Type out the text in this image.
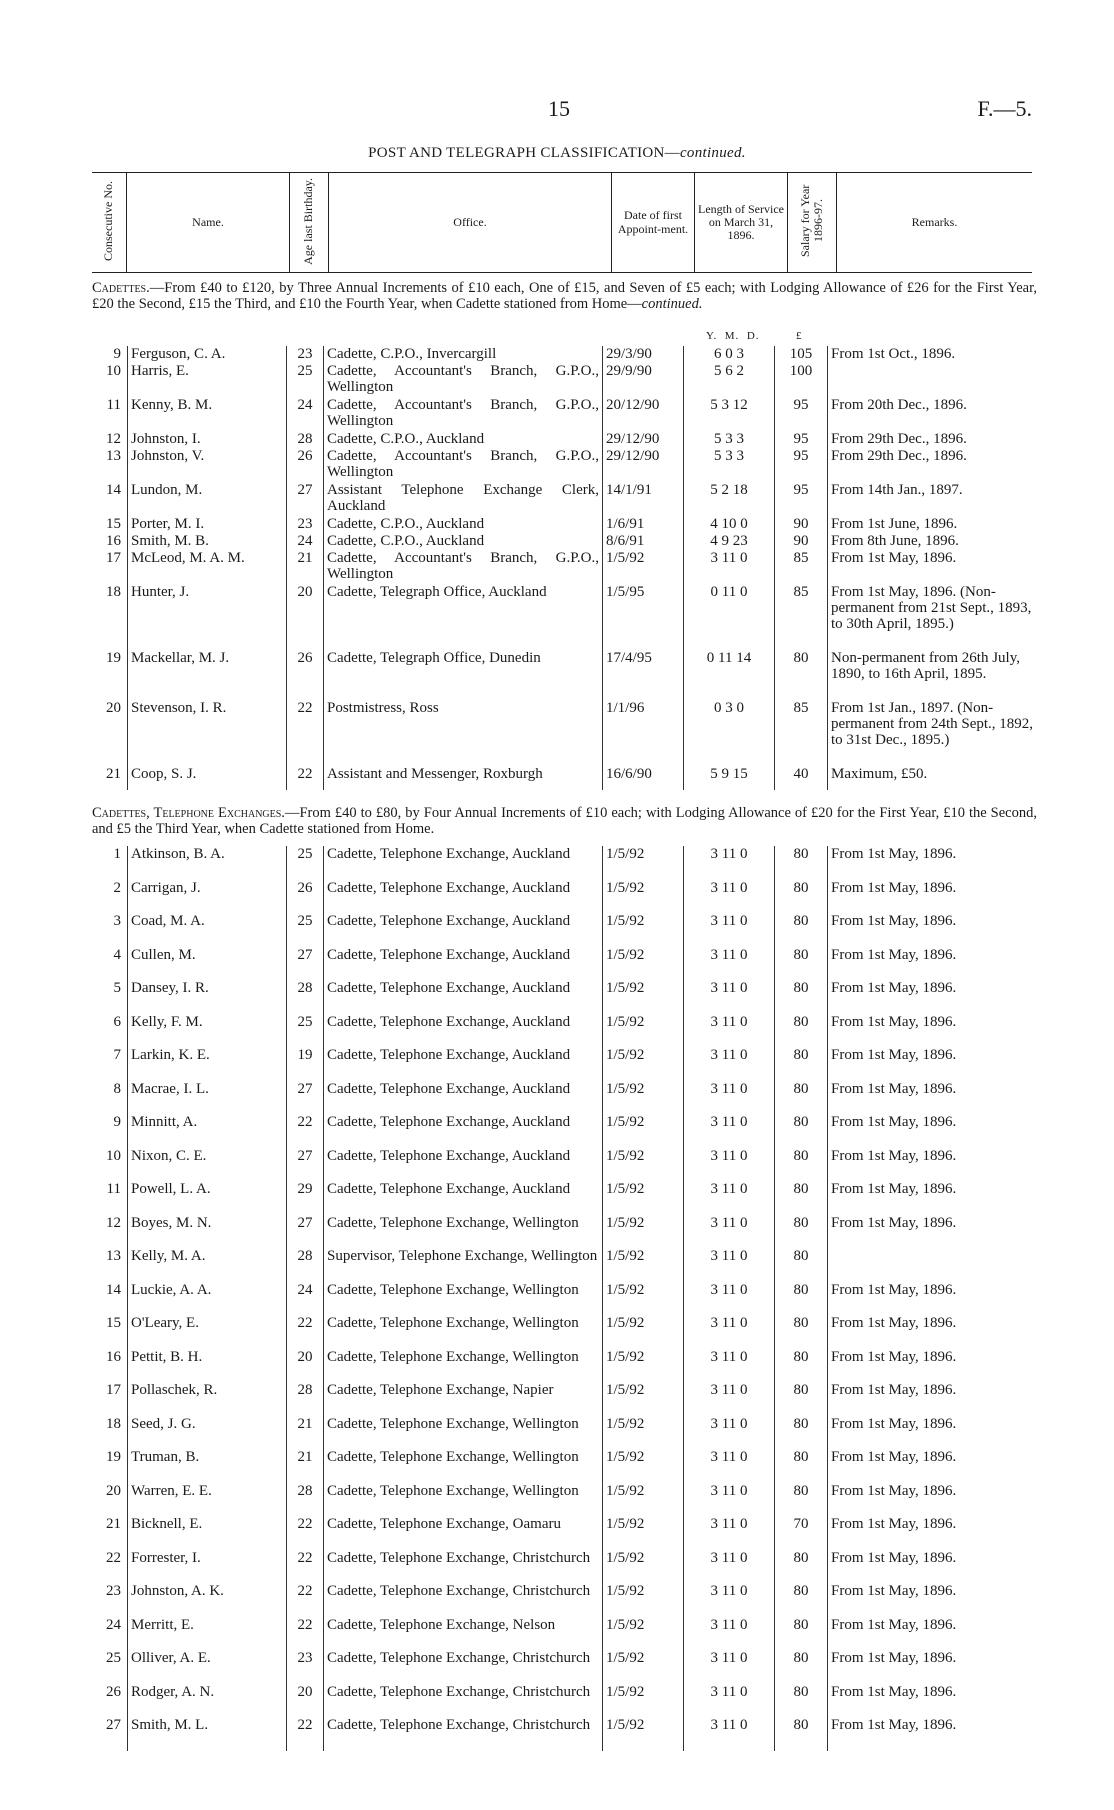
15	F.—5.
POST AND TELEGRAPH CLASSIFICATION—continued.
Consecutive No.	Name.	Age last Birthday.	Office.	Date of first Appoint-ment.	Length of Service on March 31, 1896.	Salary for Year 1896-97.	Remarks.
Cadettes.—From £40 to £120, by Three Annual Increments of £10 each, One of £15, and Seven of £5 each; with Lodging Allowance of £26 for the First Year, £20 the Second, £15 the Third, and £10 the Fourth Year, when Cadette stationed from Home—continued.
Y. M. D.	£
9	Ferguson, C. A.	23	Cadette, C.P.O., Invercargill	29/3/90	6 0 3	105	From 1st Oct., 1896.
10	Harris, E.	25	Cadette, Accountant's Branch, G.P.O., Wellington	29/9/90	5 6 2	100	
11	Kenny, B. M.	24	Cadette, Accountant's Branch, G.P.O., Wellington	20/12/90	5 3 12	95	From 20th Dec., 1896.
12	Johnston, I.	28	Cadette, C.P.O., Auckland	29/12/90	5 3 3	95	From 29th Dec., 1896.
13	Johnston, V.	26	Cadette, Accountant's Branch, G.P.O., Wellington	29/12/90	5 3 3	95	From 29th Dec., 1896.
14	Lundon, M.	27	Assistant Telephone Exchange Clerk, Auckland	14/1/91	5 2 18	95	From 14th Jan., 1897.
15	Porter, M. I.	23	Cadette, C.P.O., Auckland	1/6/91	4 10 0	90	From 1st June, 1896.
16	Smith, M. B.	24	Cadette, C.P.O., Auckland	8/6/91	4 9 23	90	From 8th June, 1896.
17	McLeod, M. A. M.	21	Cadette, Accountant's Branch, G.P.O., Wellington	1/5/92	3 11 0	85	From 1st May, 1896.
18	Hunter, J.	20	Cadette, Telegraph Office, Auckland	1/5/95	0 11 0	85	From 1st May, 1896. (Non-permanent from 21st Sept., 1893, to 30th April, 1895.)
19	Mackellar, M. J.	26	Cadette, Telegraph Office, Dunedin	17/4/95	0 11 14	80	Non-permanent from 26th July, 1890, to 16th April, 1895.
20	Stevenson, I. R.	22	Postmistress, Ross	1/1/96	0 3 0	85	From 1st Jan., 1897. (Non-permanent from 24th Sept., 1892, to 31st Dec., 1895.)
21	Coop, S. J.	22	Assistant and Messenger, Roxburgh	16/6/90	5 9 15	40	Maximum, £50.
Cadettes, Telephone Exchanges.—From £40 to £80, by Four Annual Increments of £10 each; with Lodging Allowance of £20 for the First Year, £10 the Second, and £5 the Third Year, when Cadette stationed from Home.
1	Atkinson, B. A.	25	Cadette, Telephone Exchange, Auckland	1/5/92	3 11 0	80	From 1st May, 1896.
2	Carrigan, J.	26	Cadette, Telephone Exchange, Auckland	1/5/92	3 11 0	80	From 1st May, 1896.
3	Coad, M. A.	25	Cadette, Telephone Exchange, Auckland	1/5/92	3 11 0	80	From 1st May, 1896.
4	Cullen, M.	27	Cadette, Telephone Exchange, Auckland	1/5/92	3 11 0	80	From 1st May, 1896.
5	Dansey, I. R.	28	Cadette, Telephone Exchange, Auckland	1/5/92	3 11 0	80	From 1st May, 1896.
6	Kelly, F. M.	25	Cadette, Telephone Exchange, Auckland	1/5/92	3 11 0	80	From 1st May, 1896.
7	Larkin, K. E.	19	Cadette, Telephone Exchange, Auckland	1/5/92	3 11 0	80	From 1st May, 1896.
8	Macrae, I. L.	27	Cadette, Telephone Exchange, Auckland	1/5/92	3 11 0	80	From 1st May, 1896.
9	Minnitt, A.	22	Cadette, Telephone Exchange, Auckland	1/5/92	3 11 0	80	From 1st May, 1896.
10	Nixon, C. E.	27	Cadette, Telephone Exchange, Auckland	1/5/92	3 11 0	80	From 1st May, 1896.
11	Powell, L. A.	29	Cadette, Telephone Exchange, Auckland	1/5/92	3 11 0	80	From 1st May, 1896.
12	Boyes, M. N.	27	Cadette, Telephone Exchange, Wellington	1/5/92	3 11 0	80	From 1st May, 1896.
13	Kelly, M. A.	28	Supervisor, Telephone Exchange, Wellington	1/5/92	3 11 0	80	
14	Luckie, A. A.	24	Cadette, Telephone Exchange, Wellington	1/5/92	3 11 0	80	From 1st May, 1896.
15	O'Leary, E.	22	Cadette, Telephone Exchange, Wellington	1/5/92	3 11 0	80	From 1st May, 1896.
16	Pettit, B. H.	20	Cadette, Telephone Exchange, Wellington	1/5/92	3 11 0	80	From 1st May, 1896.
17	Pollaschek, R.	28	Cadette, Telephone Exchange, Napier	1/5/92	3 11 0	80	From 1st May, 1896.
18	Seed, J. G.	21	Cadette, Telephone Exchange, Wellington	1/5/92	3 11 0	80	From 1st May, 1896.
19	Truman, B.	21	Cadette, Telephone Exchange, Wellington	1/5/92	3 11 0	80	From 1st May, 1896.
20	Warren, E. E.	28	Cadette, Telephone Exchange, Wellington	1/5/92	3 11 0	80	From 1st May, 1896.
21	Bicknell, E.	22	Cadette, Telephone Exchange, Oamaru	1/5/92	3 11 0	70	From 1st May, 1896.
22	Forrester, I.	22	Cadette, Telephone Exchange, Christchurch	1/5/92	3 11 0	80	From 1st May, 1896.
23	Johnston, A. K.	22	Cadette, Telephone Exchange, Christchurch	1/5/92	3 11 0	80	From 1st May, 1896.
24	Merritt, E.	22	Cadette, Telephone Exchange, Nelson	1/5/92	3 11 0	80	From 1st May, 1896.
25	Olliver, A. E.	23	Cadette, Telephone Exchange, Christchurch	1/5/92	3 11 0	80	From 1st May, 1896.
26	Rodger, A. N.	20	Cadette, Telephone Exchange, Christchurch	1/5/92	3 11 0	80	From 1st May, 1896.
27	Smith, M. L.	22	Cadette, Telephone Exchange, Christchurch	1/5/92	3 11 0	80	From 1st May, 1896.
